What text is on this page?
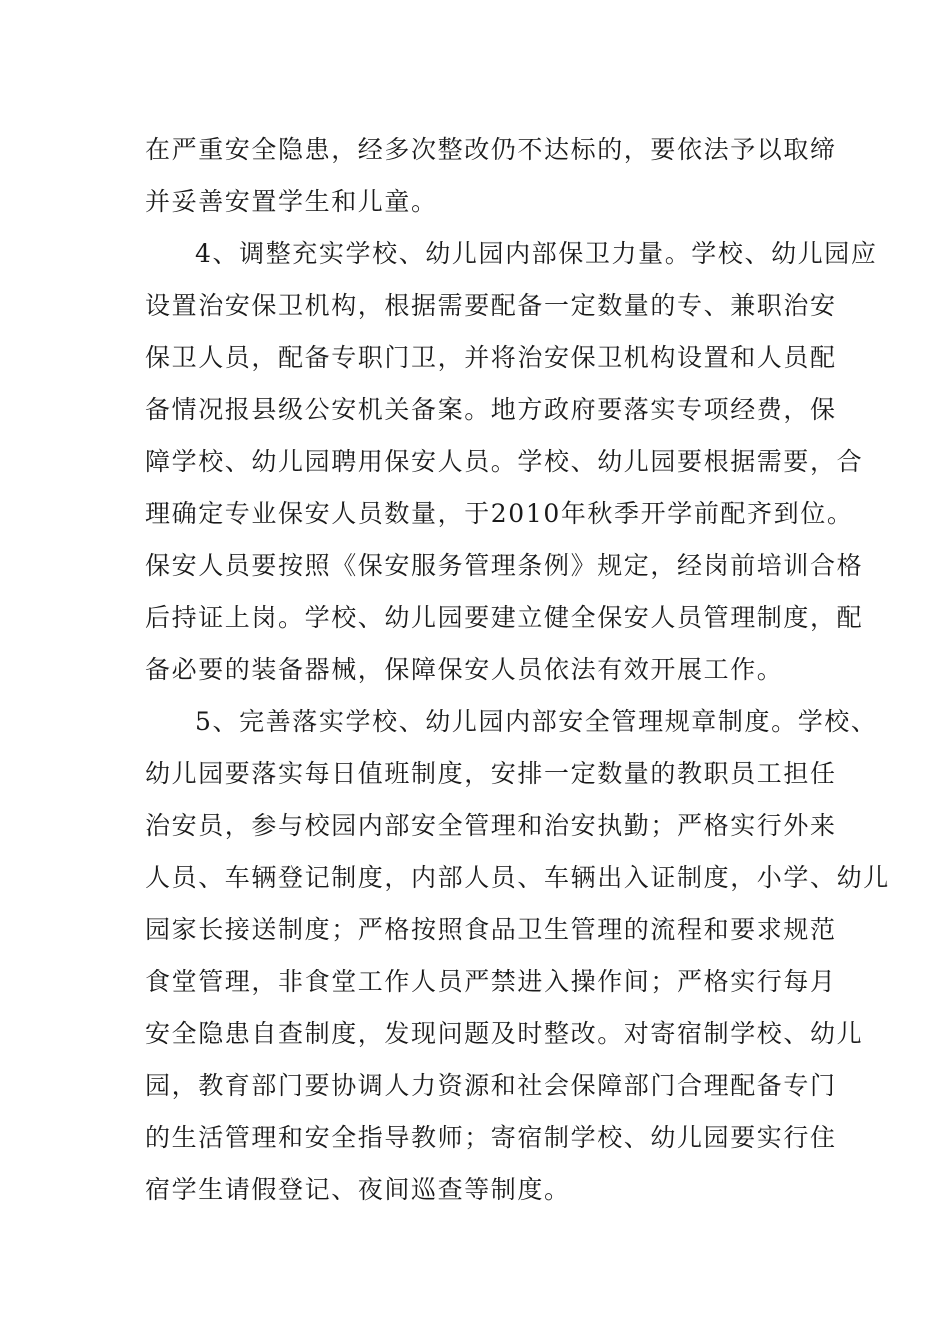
在严重安全隐患，经多次整改仍不达标的，要依法予以取缔
并妥善安置学生和儿童。
4、调整充实学校、幼儿园内部保卫力量。学校、幼儿园应
设置治安保卫机构，根据需要配备一定数量的专、兼职治安
保卫人员，配备专职门卫，并将治安保卫机构设置和人员配
备情况报县级公安机关备案。地方政府要落实专项经费，保
障学校、幼儿园聘用保安人员。学校、幼儿园要根据需要，合
理确定专业保安人员数量，于2010年秋季开学前配齐到位。
保安人员要按照《保安服务管理条例》规定，经岗前培训合格
后持证上岗。学校、幼儿园要建立健全保安人员管理制度，配
备必要的装备器械，保障保安人员依法有效开展工作。
5、完善落实学校、幼儿园内部安全管理规章制度。学校、
幼儿园要落实每日值班制度，安排一定数量的教职员工担任
治安员，参与校园内部安全管理和治安执勤；严格实行外来
人员、车辆登记制度，内部人员、车辆出入证制度，小学、幼儿
园家长接送制度；严格按照食品卫生管理的流程和要求规范
食堂管理，非食堂工作人员严禁进入操作间；严格实行每月
安全隐患自查制度，发现问题及时整改。对寄宿制学校、幼儿
园，教育部门要协调人力资源和社会保障部门合理配备专门
的生活管理和安全指导教师；寄宿制学校、幼儿园要实行住
宿学生请假登记、夜间巡查等制度。
